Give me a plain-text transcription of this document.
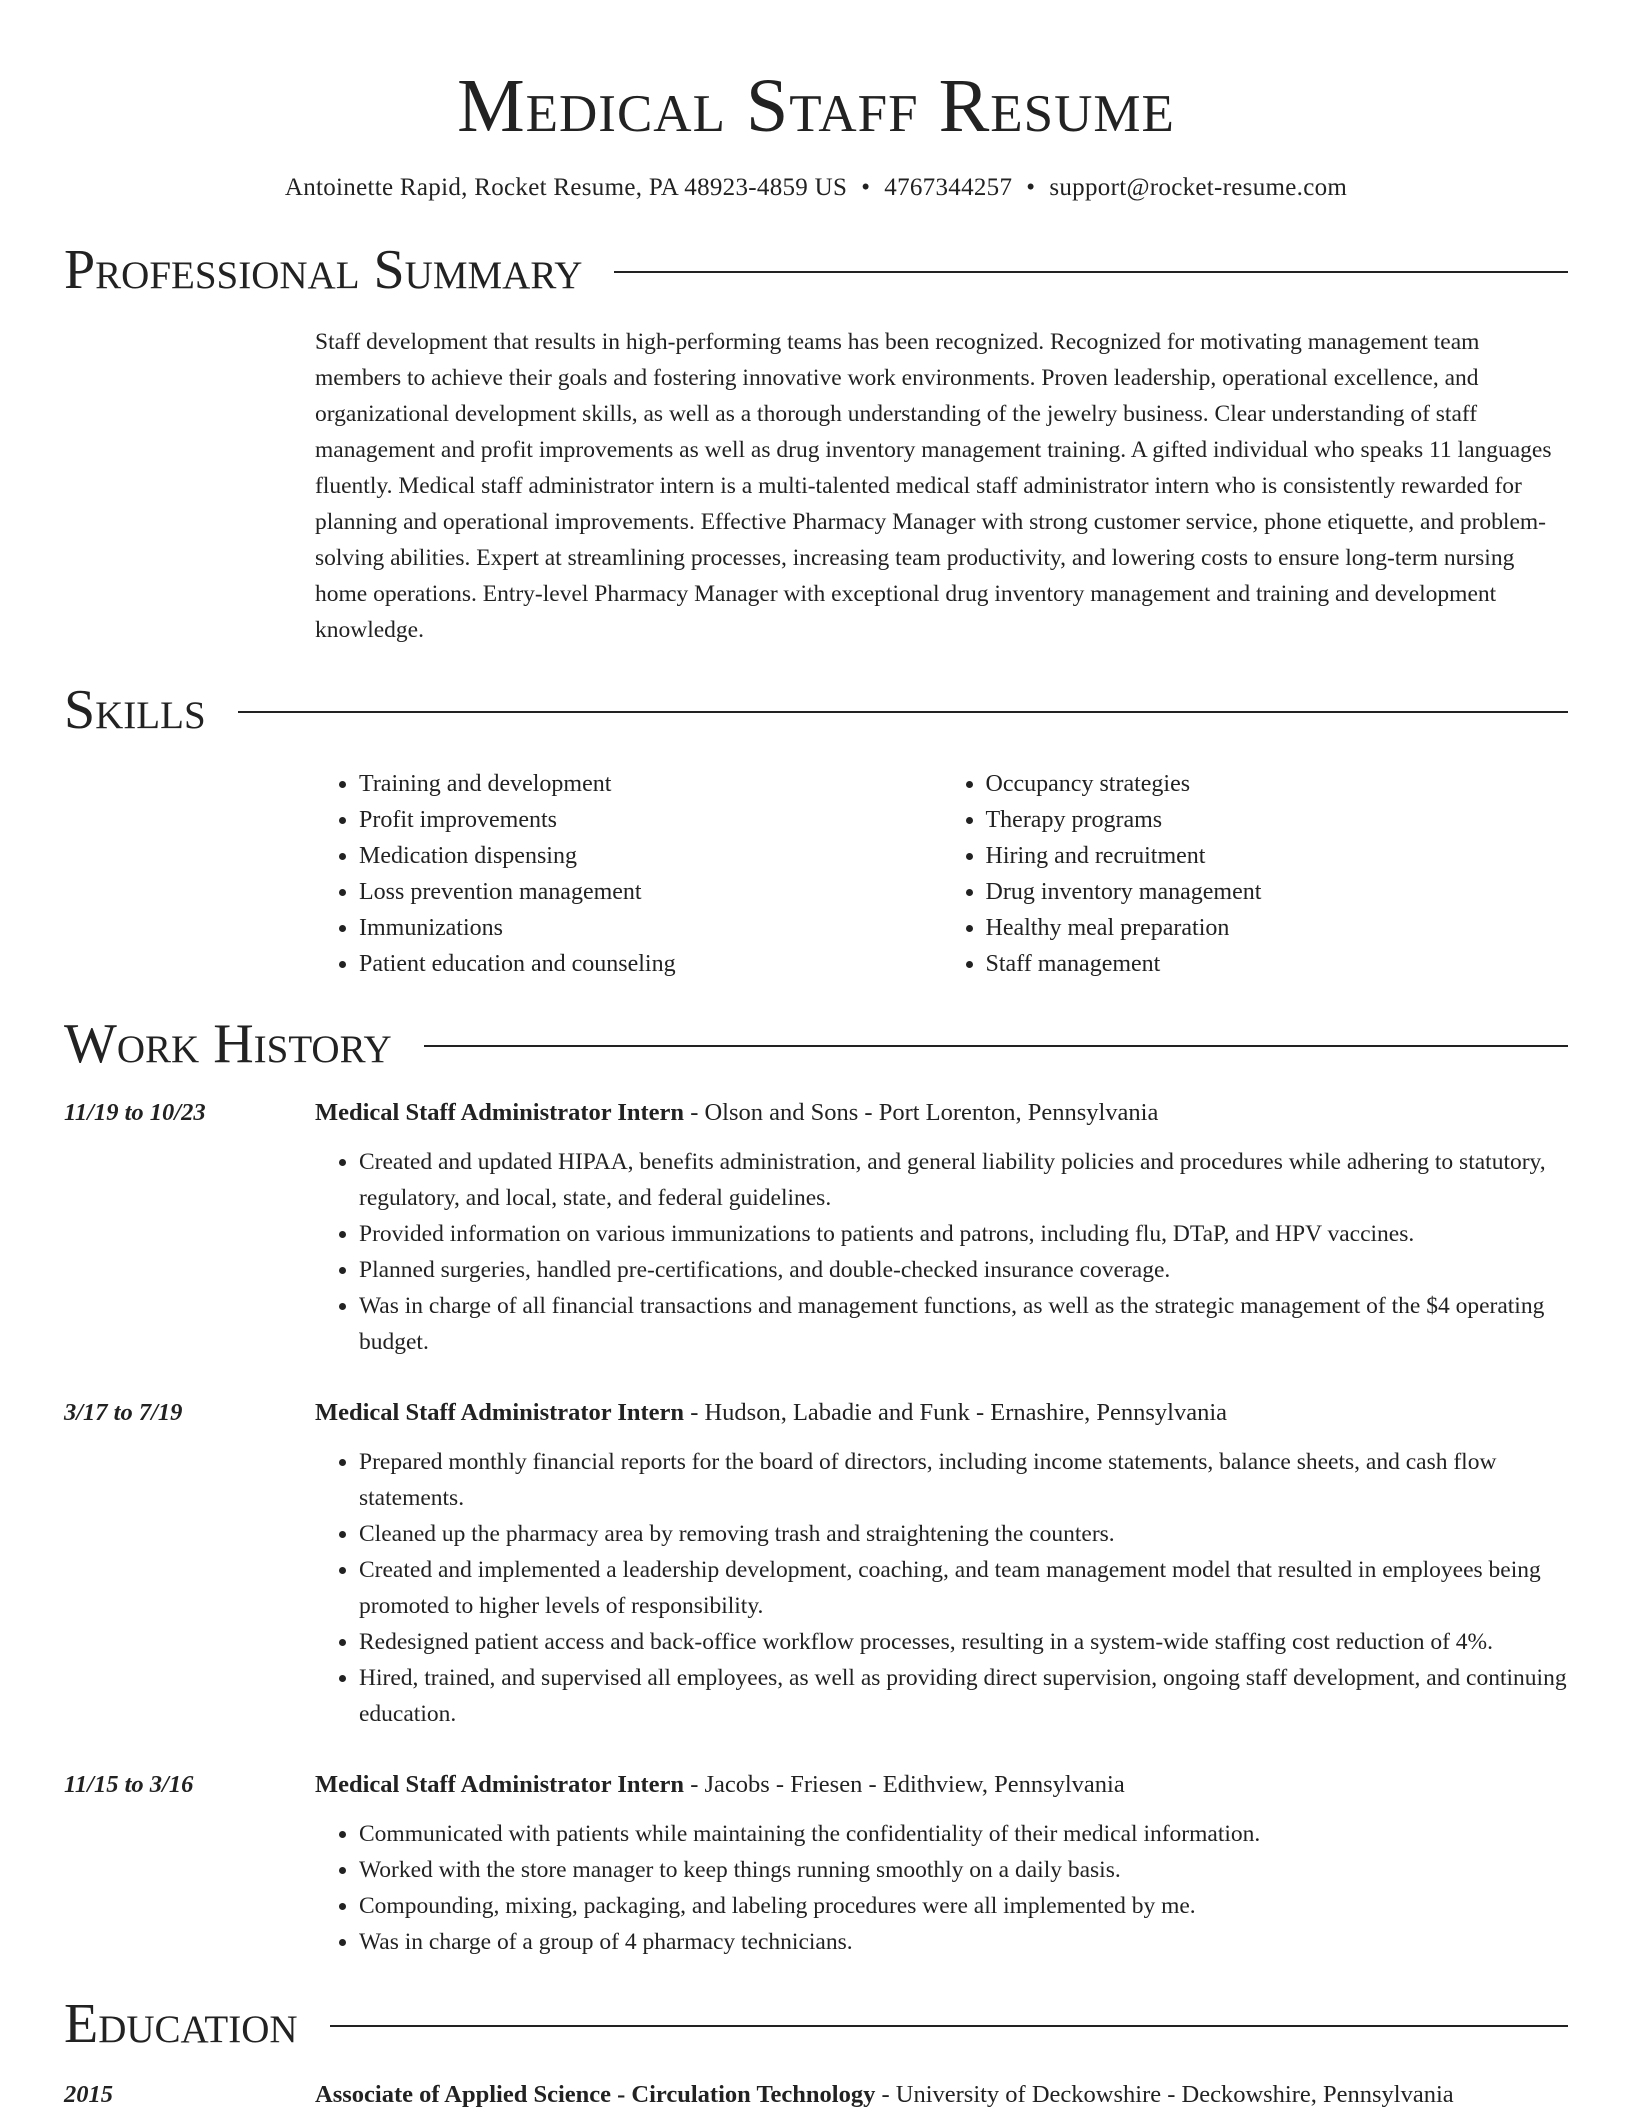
Medical Staff Resume
Antoinette Rapid, Rocket Resume, PA 48923-4859 US • 4767344257 • support@rocket-resume.com
Professional Summary

Staff development that results in high-performing teams has been recognized. Recognized for motivating management team members to achieve their goals and fostering innovative work environments. Proven leadership, operational excellence, and organizational development skills, as well as a thorough understanding of the jewelry business. Clear understanding of staff management and profit improvements as well as drug inventory management training. A gifted individual who speaks 11 languages fluently. Medical staff administrator intern is a multi-talented medical staff administrator intern who is consistently rewarded for planning and operational improvements. Effective Pharmacy Manager with strong customer service, phone etiquette, and problem-solving abilities. Expert at streamlining processes, increasing team productivity, and lowering costs to ensure long-term nursing home operations. Entry-level Pharmacy Manager with exceptional drug inventory management and training and development knowledge.

Skills
• Training and development
• Profit improvements
• Medication dispensing
• Loss prevention management
• Immunizations
• Patient education and counseling
• Occupancy strategies
• Therapy programs
• Hiring and recruitment
• Drug inventory management
• Healthy meal preparation
• Staff management
Work History
11/19 to 10/23	Medical Staff Administrator Intern - Olson and Sons - Port Lorenton, Pennsylvania
• Created and updated HIPAA, benefits administration, and general liability policies and procedures while adhering to statutory, regulatory, and local, state, and federal guidelines.
• Provided information on various immunizations to patients and patrons, including flu, DTaP, and HPV vaccines.
• Planned surgeries, handled pre-certifications, and double-checked insurance coverage.
• Was in charge of all financial transactions and management functions, as well as the strategic management of the $4 operating budget.
3/17 to 7/19	Medical Staff Administrator Intern - Hudson, Labadie and Funk - Ernashire, Pennsylvania
• Prepared monthly financial reports for the board of directors, including income statements, balance sheets, and cash flow statements.
• Cleaned up the pharmacy area by removing trash and straightening the counters.
• Created and implemented a leadership development, coaching, and team management model that resulted in employees being promoted to higher levels of responsibility.
• Redesigned patient access and back-office workflow processes, resulting in a system-wide staffing cost reduction of 4%.
• Hired, trained, and supervised all employees, as well as providing direct supervision, ongoing staff development, and continuing education.
11/15 to 3/16	Medical Staff Administrator Intern - Jacobs - Friesen - Edithview, Pennsylvania
• Communicated with patients while maintaining the confidentiality of their medical information.
• Worked with the store manager to keep things running smoothly on a daily basis.
• Compounding, mixing, packaging, and labeling procedures were all implemented by me.
• Was in charge of a group of 4 pharmacy technicians.
Education
2015	Associate of Applied Science - Circulation Technology - University of Deckowshire - Deckowshire, Pennsylvania
